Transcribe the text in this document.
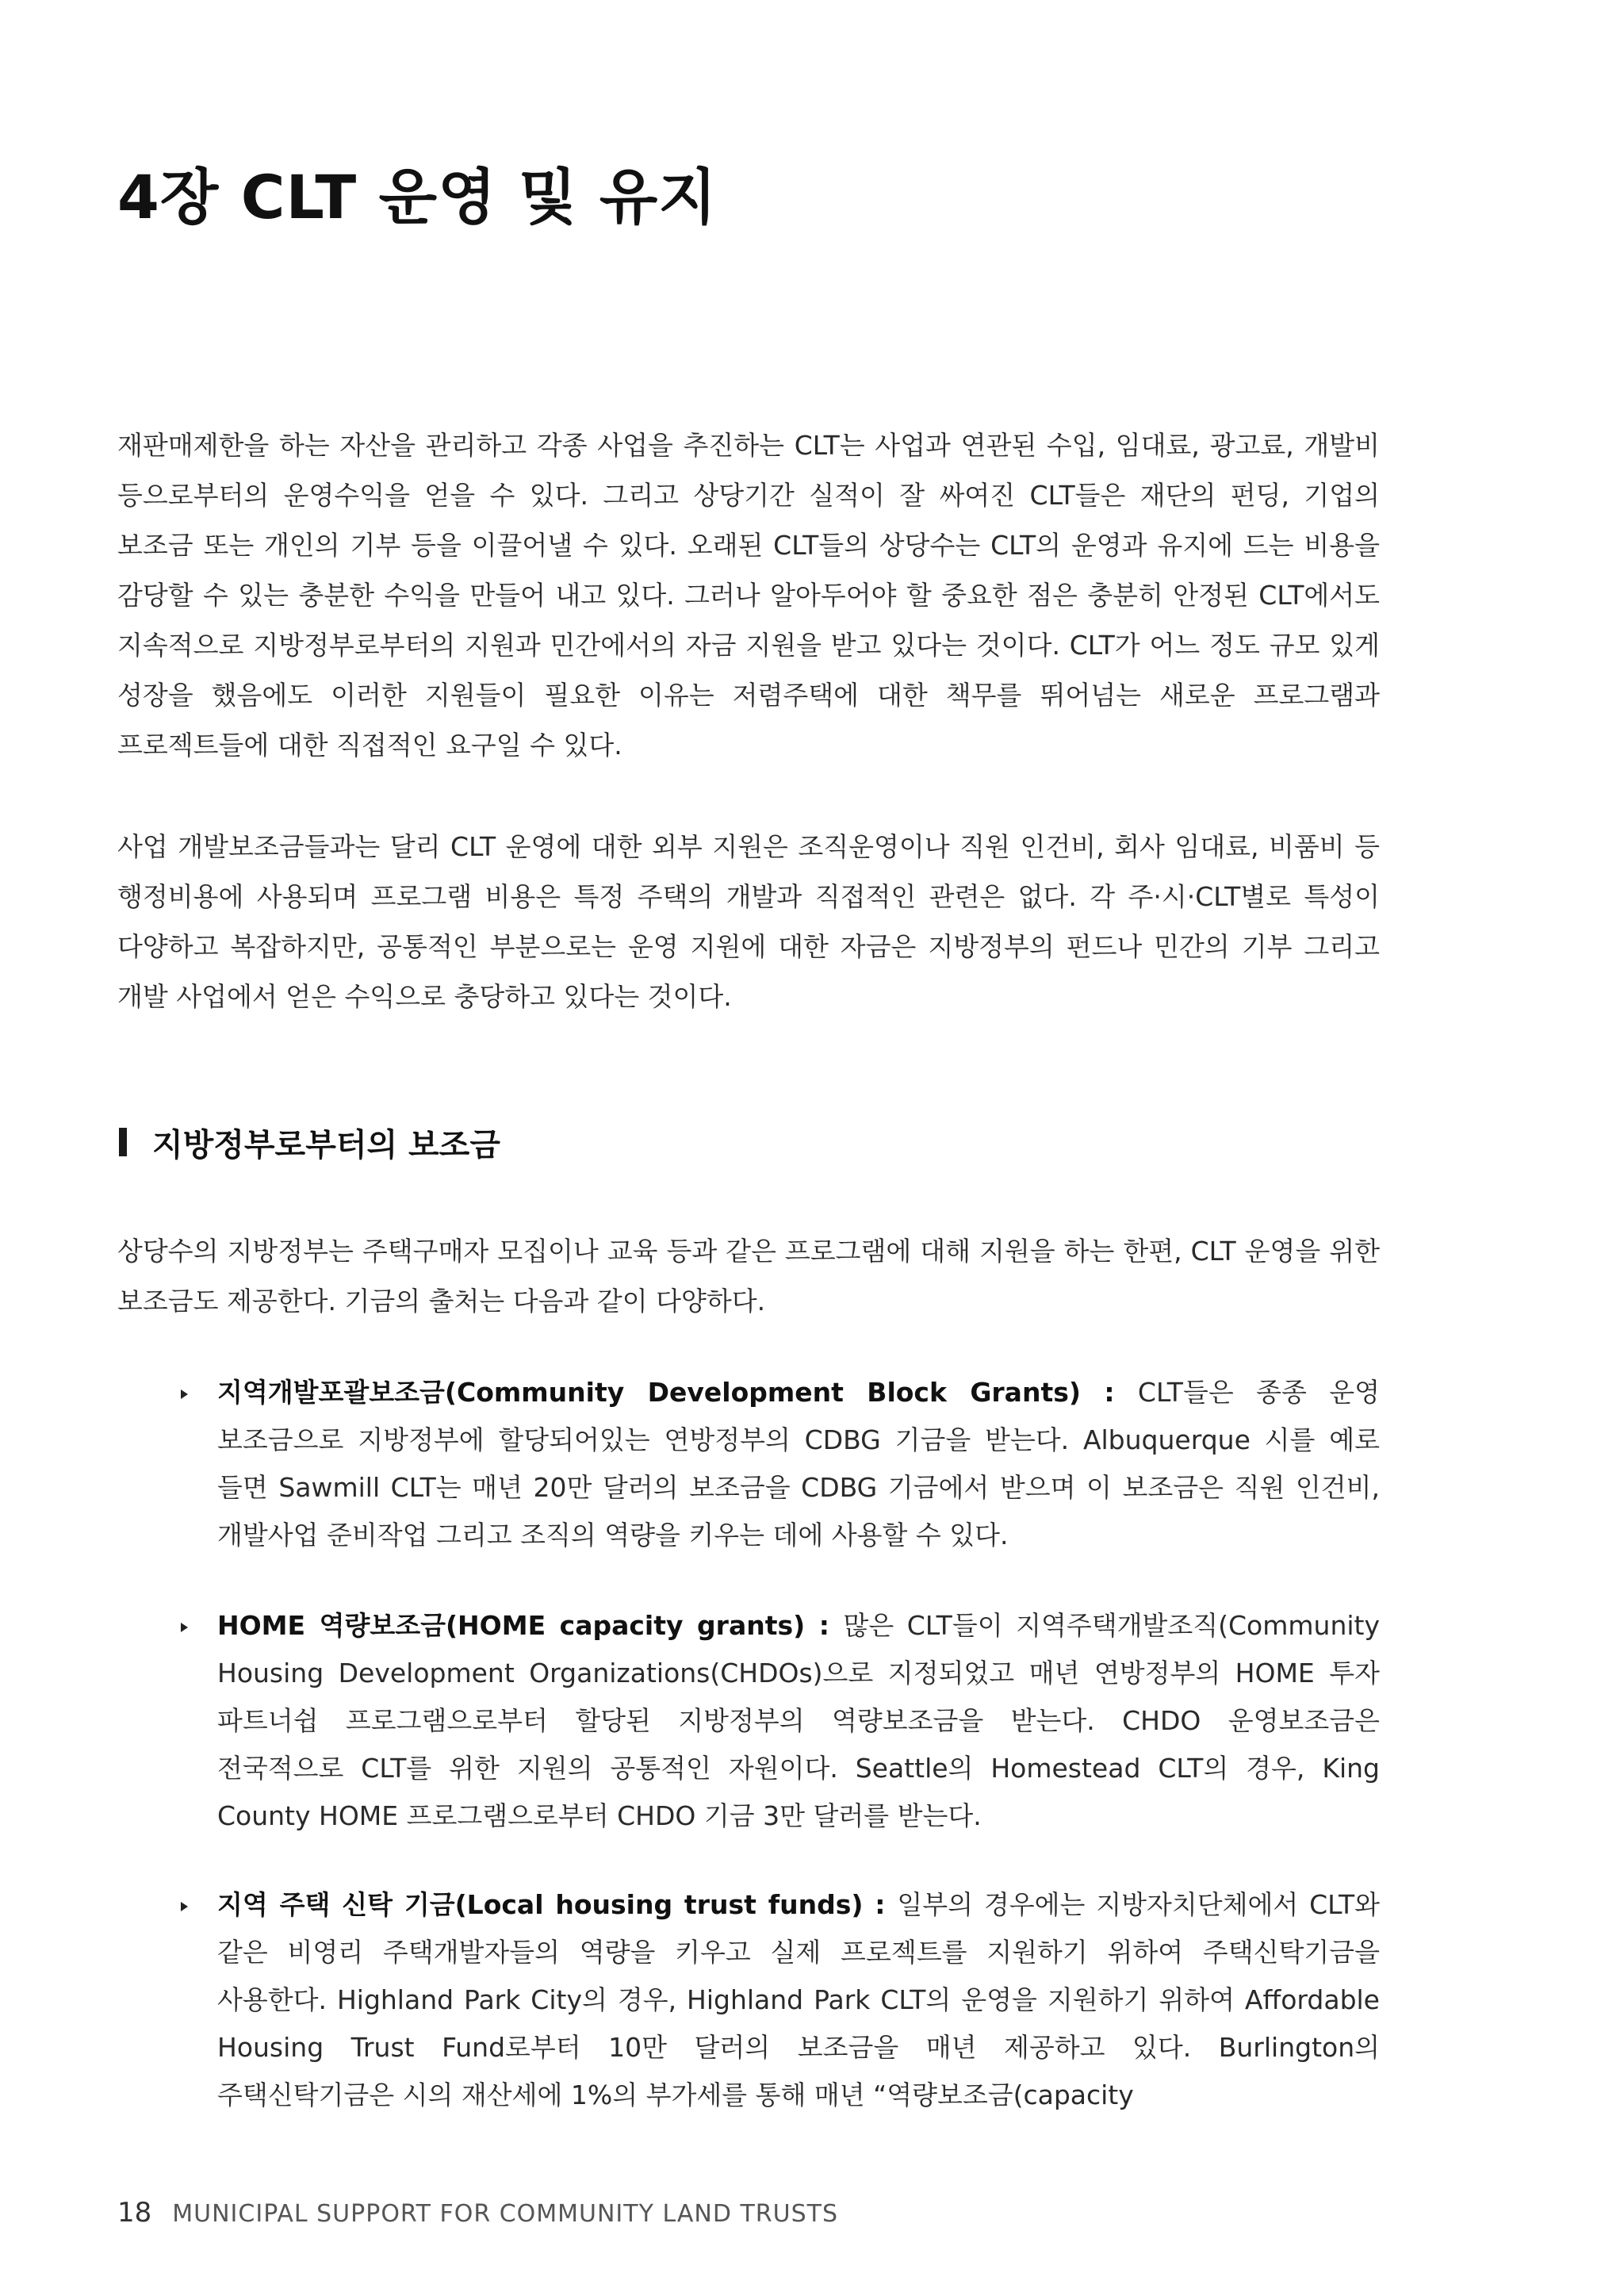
4장 CLT 운영 및 유지

재판매제한을 하는 자산을 관리하고 각종 사업을 추진하는 CLT는 사업과 연관된 수입, 임대료, 광고료, 개발비 등으로부터의 운영수익을 얻을 수 있다. 그리고 상당기간 실적이 잘 싸여진 CLT들은 재단의 펀딩, 기업의 보조금 또는 개인의 기부 등을 이끌어낼 수 있다. 오래된 CLT들의 상당수는 CLT의 운영과 유지에 드는 비용을 감당할 수 있는 충분한 수익을 만들어 내고 있다. 그러나 알아두어야 할 중요한 점은 충분히 안정된 CLT에서도 지속적으로 지방정부로부터의 지원과 민간에서의 자금 지원을 받고 있다는 것이다. CLT가 어느 정도 규모 있게 성장을 했음에도 이러한 지원들이 필요한 이유는 저렴주택에 대한 책무를 뛰어넘는 새로운 프로그램과 프로젝트들에 대한 직접적인 요구일 수 있다.

사업 개발보조금들과는 달리 CLT 운영에 대한 외부 지원은 조직운영이나 직원 인건비, 회사 임대료, 비품비 등 행정비용에 사용되며 프로그램 비용은 특정 주택의 개발과 직접적인 관련은 없다. 각 주·시·CLT별로 특성이 다양하고 복잡하지만, 공통적인 부분으로는 운영 지원에 대한 자금은 지방정부의 펀드나 민간의 기부 그리고 개발 사업에서 얻은 수익으로 충당하고 있다는 것이다.

지방정부로부터의 보조금

상당수의 지방정부는 주택구매자 모집이나 교육 등과 같은 프로그램에 대해 지원을 하는 한편, CLT 운영을 위한 보조금도 제공한다. 기금의 출처는 다음과 같이 다양하다.

지역개발포괄보조금(Community Development Block Grants) : CLT들은 종종 운영 보조금으로 지방정부에 할당되어있는 연방정부의 CDBG 기금을 받는다. Albuquerque 시를 예로 들면 Sawmill CLT는 매년 20만 달러의 보조금을 CDBG 기금에서 받으며 이 보조금은 직원 인건비, 개발사업 준비작업 그리고 조직의 역량을 키우는 데에 사용할 수 있다.
HOME 역량보조금(HOME capacity grants) : 많은 CLT들이 지역주택개발조직(Community Housing Development Organizations(CHDOs)으로 지정되었고 매년 연방정부의 HOME 투자 파트너쉽 프로그램으로부터 할당된 지방정부의 역량보조금을 받는다. CHDO 운영보조금은 전국적으로 CLT를 위한 지원의 공통적인 자원이다. Seattle의 Homestead CLT의 경우, King County HOME 프로그램으로부터 CHDO 기금 3만 달러를 받는다.
지역 주택 신탁 기금(Local housing trust funds) : 일부의 경우에는 지방자치단체에서 CLT와 같은 비영리 주택개발자들의 역량을 키우고 실제 프로젝트를 지원하기 위하여 주택신탁기금을 사용한다. Highland Park City의 경우, Highland Park CLT의 운영을 지원하기 위하여 Affordable Housing Trust Fund로부터 10만 달러의 보조금을 매년 제공하고 있다. Burlington의 주택신탁기금은 시의 재산세에 1%의 부가세를 통해 매년 “역량보조금(capacity
18 MUNICIPAL SUPPORT FOR COMMUNITY LAND TRUSTS
